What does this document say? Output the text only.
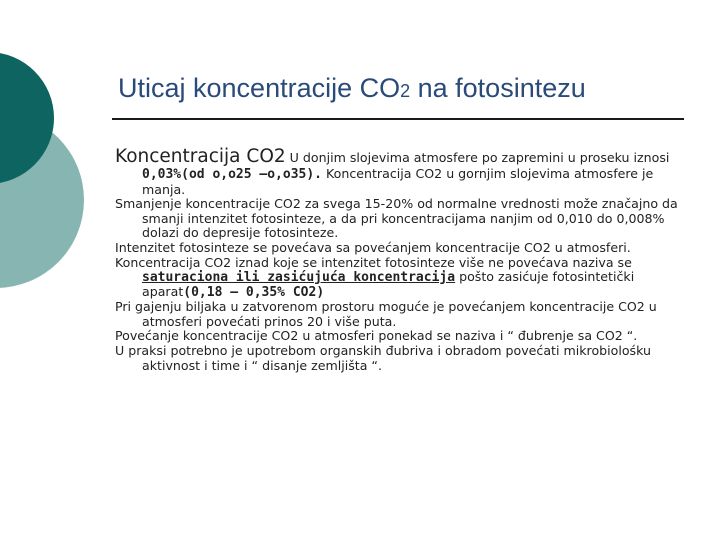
Uticaj koncentracije CO2 na fotosintezu

Koncentracija CO2 U donjim slojevima atmosfere po zapremini u proseku iznosi 0,03%(od o,o25 –o,o35). Koncentracija CO2 u gornjim slojevima atmosfere je manja.

Smanjenje koncentracije CO2 za svega 15-20% od normalne vrednosti može značajno da smanji intenzitet fotosinteze, a da pri koncentracijama nanjim od 0,010 do 0,008% dolazi do depresije fotosinteze.

Intenzitet fotosinteze se povećava sa povećanjem koncentracije CO2 u atmosferi.

Koncentracija CO2 iznad koje se intenzitet fotosinteze više ne povećava naziva se saturaciona ili zasićujuća koncentracija pošto zasićuje fotosintetički aparat(0,18 – 0,35% CO2)

Pri gajenju biljaka u zatvorenom prostoru moguće je povećanjem koncentracije CO2 u atmosferi povećati prinos 20 i više puta.

Povećanje koncentracije CO2 u atmosferi ponekad se naziva i “ đubrenje sa CO2 “.

U praksi potrebno je upotrebom organskih đubriva i obradom povećati mikrobiolośku aktivnost i time i “ disanje zemljišta “.
